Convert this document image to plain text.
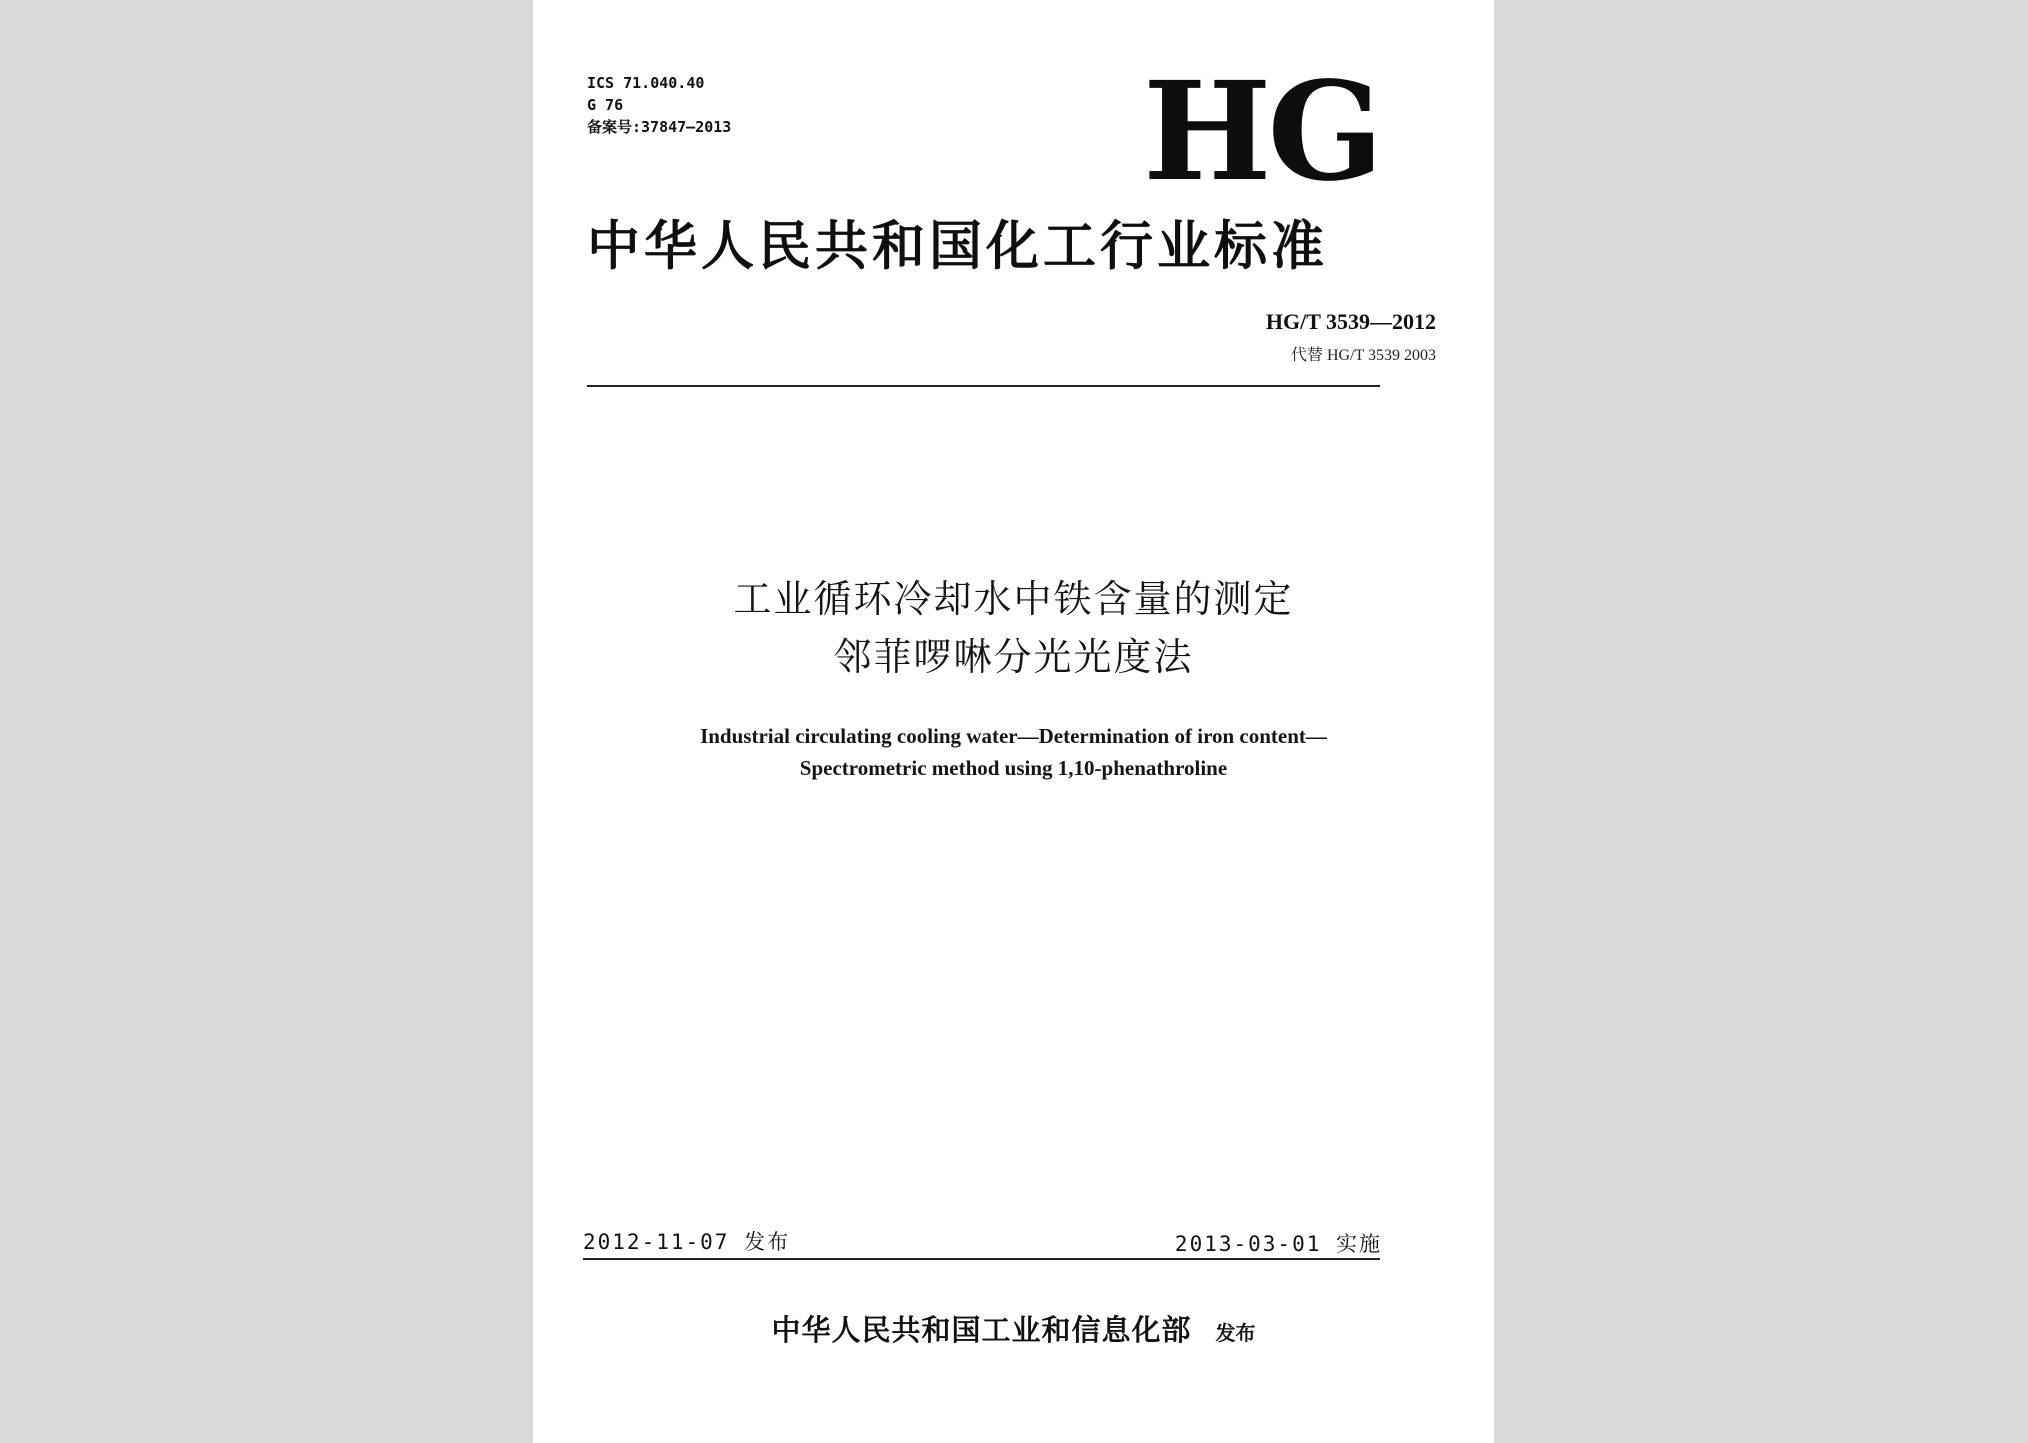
ICS 71.040.40
G 76
备案号:37847—2013	HG
中华人民共和国化工行业标准
HG/T 3539—2012
代替 HG/T 3539 2003
工业循环冷却水中铁含量的测定
邻菲啰啉分光光度法
Industrial circulating cooling water—Determination of iron content—
Spectrometric method using 1,10-phenathroline
2012-11-07 发布	2013-03-01 实施
中华人民共和国工业和信息化部 发布
